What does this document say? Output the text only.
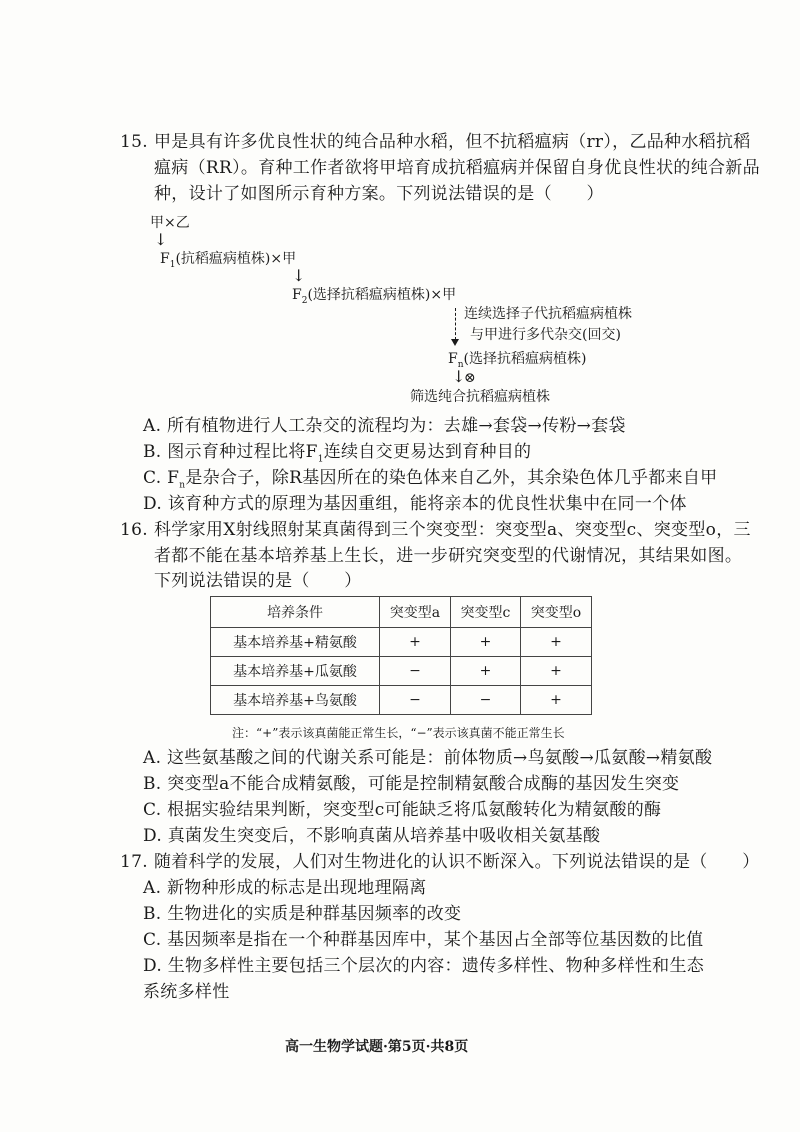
15. 甲是具有许多优良性状的纯合品种水稻，但不抗稻瘟病（rr），乙品种水稻抗稻
瘟病（RR）。育种工作者欲将甲培育成抗稻瘟病并保留自身优良性状的纯合新品
种，设计了如图所示育种方案。下列说法错误的是（　　）
甲×乙
↓
$F_1$(抗稻瘟病植株)×甲
↓
$F_2$(选择抗稻瘟病植株)×甲
连续选择子代抗稻瘟病植株
与甲进行多代杂交(回交)
$F_n$(选择抗稻瘟病植株)
↓
⊗
筛选纯合抗稻瘟病植株
A. 所有植物进行人工杂交的流程均为：去雄→套袋→传粉→套袋
B. 图示育种过程比将$F_1$连续自交更易达到育种目的
C. $F_n$是杂合子，除R基因所在的染色体来自乙外，其余染色体几乎都来自甲
D. 该育种方式的原理为基因重组，能将亲本的优良性状集中在同一个体
16. 科学家用X射线照射某真菌得到三个突变型：突变型a、突变型c、突变型o，三
者都不能在基本培养基上生长，进一步研究突变型的代谢情况，其结果如图。
下列说法错误的是（　　）
培养条件	突变型a	突变型c	突变型o
基本培养基+精氨酸	+	+	+
基本培养基+瓜氨酸	−	+	+
基本培养基+鸟氨酸	−	−	+
注：“+”表示该真菌能正常生长，“−”表示该真菌不能正常生长
A. 这些氨基酸之间的代谢关系可能是：前体物质→鸟氨酸→瓜氨酸→精氨酸
B. 突变型a不能合成精氨酸，可能是控制精氨酸合成酶的基因发生突变
C. 根据实验结果判断，突变型c可能缺乏将瓜氨酸转化为精氨酸的酶
D. 真菌发生突变后，不影响真菌从培养基中吸收相关氨基酸
17. 随着科学的发展，人们对生物进化的认识不断深入。下列说法错误的是（　　）
A. 新物种形成的标志是出现地理隔离
B. 生物进化的实质是种群基因频率的改变
C. 基因频率是指在一个种群基因库中，某个基因占全部等位基因数的比值
D. 生物多样性主要包括三个层次的内容：遗传多样性、物种多样性和生态
系统多样性
高一生物学试题·第5页·共8页
